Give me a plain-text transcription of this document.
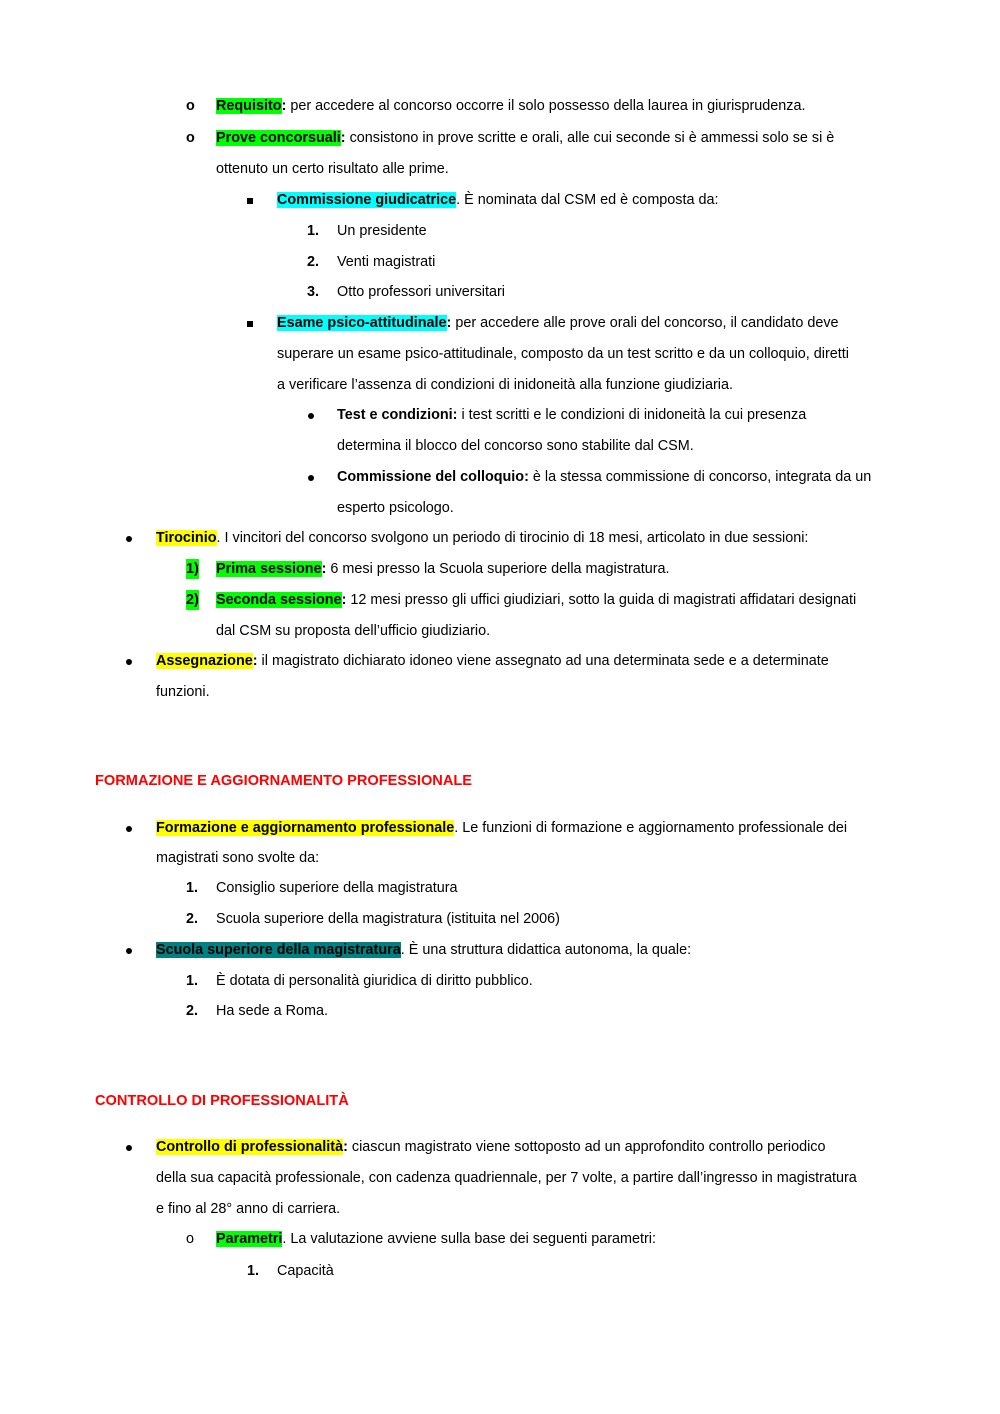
o Requisito: per accedere al concorso occorre il solo possesso della laurea in giurisprudenza.
o Prove concorsuali: consistono in prove scritte e orali, alle cui seconde si è ammessi solo se si è
ottenuto un certo risultato alle prime.
Commissione giudicatrice. È nominata dal CSM ed è composta da:
1. Un presidente
2. Venti magistrati
3. Otto professori universitari
Esame psico-attitudinale: per accedere alle prove orali del concorso, il candidato deve
superare un esame psico-attitudinale, composto da un test scritto e da un colloquio, diretti
a verificare l’assenza di condizioni di inidoneità alla funzione giudiziaria.
Test e condizioni: i test scritti e le condizioni di inidoneità la cui presenza
determina il blocco del concorso sono stabilite dal CSM.
Commissione del colloquio: è la stessa commissione di concorso, integrata da un
esperto psicologo.
Tirocinio. I vincitori del concorso svolgono un periodo di tirocinio di 18 mesi, articolato in due sessioni:
1) Prima sessione: 6 mesi presso la Scuola superiore della magistratura.
2) Seconda sessione: 12 mesi presso gli uffici giudiziari, sotto la guida di magistrati affidatari designati
dal CSM su proposta dell’ufficio giudiziario.
Assegnazione: il magistrato dichiarato idoneo viene assegnato ad una determinata sede e a determinate
funzioni.
FORMAZIONE E AGGIORNAMENTO PROFESSIONALE
Formazione e aggiornamento professionale. Le funzioni di formazione e aggiornamento professionale dei
magistrati sono svolte da:
1. Consiglio superiore della magistratura
2. Scuola superiore della magistratura (istituita nel 2006)
Scuola superiore della magistratura. È una struttura didattica autonoma, la quale:
1. È dotata di personalità giuridica di diritto pubblico.
2. Ha sede a Roma.
CONTROLLO DI PROFESSIONALITÀ
Controllo di professionalità: ciascun magistrato viene sottoposto ad un approfondito controllo periodico
della sua capacità professionale, con cadenza quadriennale, per 7 volte, a partire dall’ingresso in magistratura
e fino al 28° anno di carriera.
o Parametri. La valutazione avviene sulla base dei seguenti parametri:
1. Capacità
